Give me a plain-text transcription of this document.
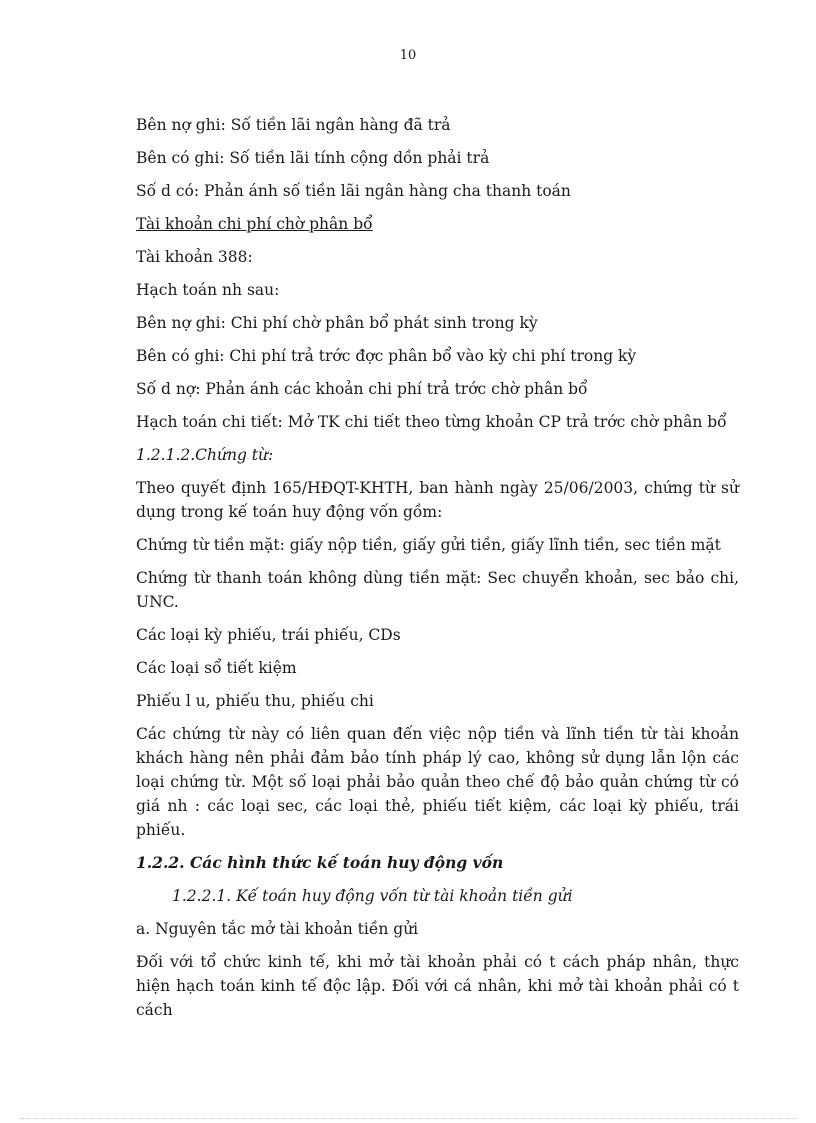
10

Bên nợ ghi: Số tiền lãi ngân hàng đã trả

Bên có ghi: Số tiền lãi tính cộng dồn phải trả

Số d có: Phản ánh số tiền lãi ngân hàng cha thanh toán

Tài khoản chi phí chờ phân bổ

Tài khoản 388:

Hạch toán nh sau:

Bên nợ ghi: Chi phí chờ phân bổ phát sinh trong kỳ

Bên có ghi: Chi phí trả trớc đợc phân bổ vào kỳ chi phí trong kỳ

Số d nợ: Phản ánh các khoản chi phí trả trớc chờ phân bổ

Hạch toán chi tiết: Mở TK chi tiết theo từng khoản CP trả trớc chờ phân bổ

1.2.1.2.Chứng từ:

Theo quyết định 165/HĐQT-KHTH, ban hành ngày 25/06/2003, chứng từ sử dụng trong kế toán huy động vốn gồm:

Chứng từ tiền mặt: giấy nộp tiền, giấy gửi tiền, giấy lĩnh tiền, sec tiền mặt

Chứng từ thanh toán không dùng tiền mặt: Sec chuyển khoản, sec bảo chi, UNC.

Các loại kỳ phiếu, trái phiếu, CDs

Các loại sổ tiết kiệm

Phiếu l u, phiếu thu, phiếu chi

Các chứng từ này có liên quan đến việc nộp tiền và lĩnh tiền từ tài khoản khách hàng nên phải đảm bảo tính pháp lý cao, không sử dụng lẫn lộn các loại chứng từ. Một số loại phải bảo quản theo chế độ bảo quản chứng từ có giá nh : các loại sec, các loại thẻ, phiếu tiết kiệm, các loại kỳ phiếu, trái phiếu.

1.2.2. Các hình thức kế toán huy động vốn

1.2.2.1. Kế toán huy động vốn từ tài khoản tiền gửi

a. Nguyên tắc mở tài khoản tiền gửi

Đối với tổ chức kinh tế, khi mở tài khoản phải có t cách pháp nhân, thực hiện hạch toán kinh tế độc lập. Đối với cá nhân, khi mở tài khoản phải có t cách
